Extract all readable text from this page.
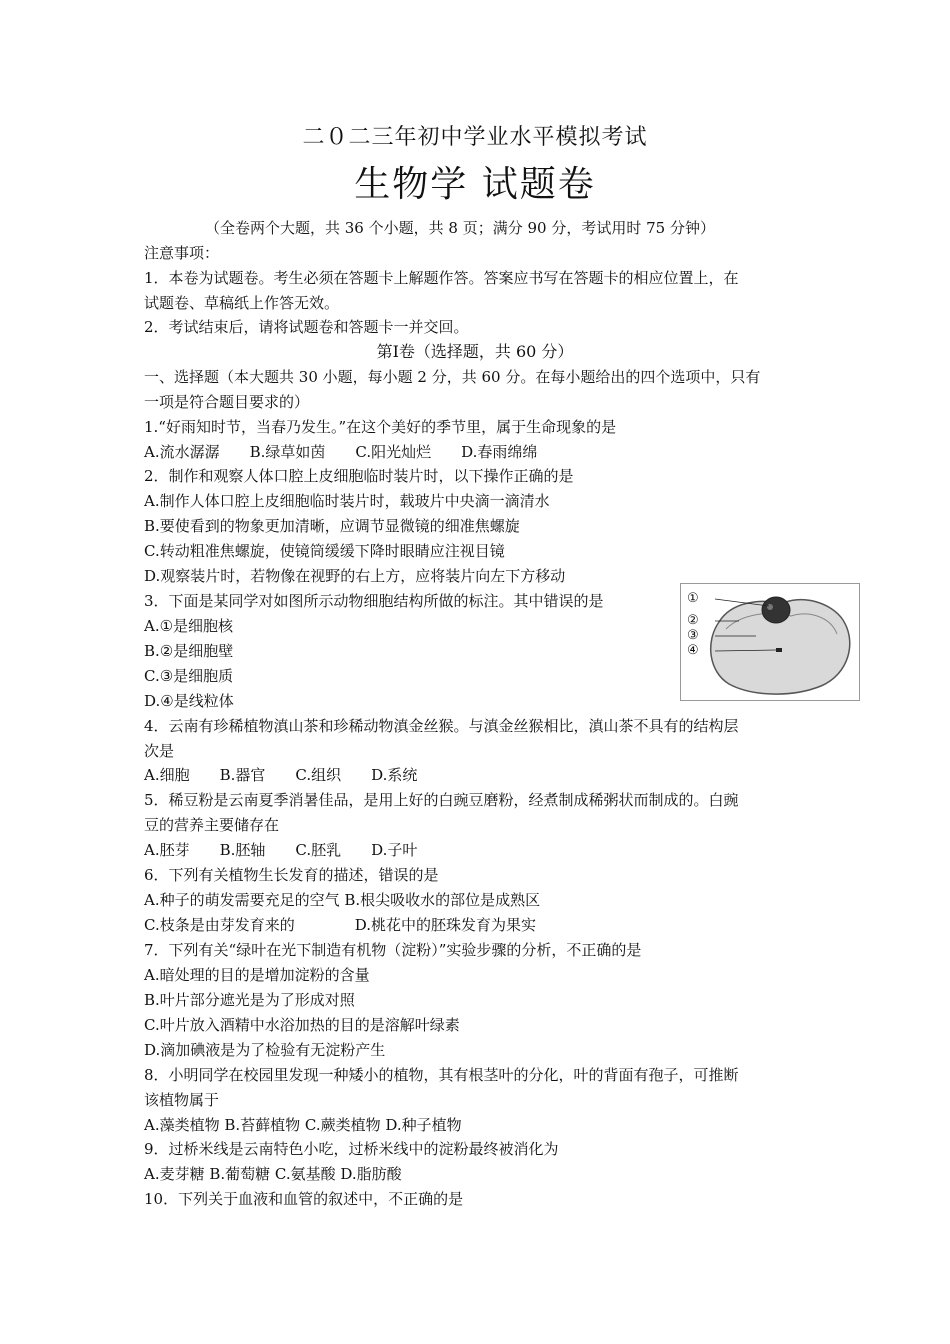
二０二三年初中学业水平模拟考试
生物学 试题卷
（全卷两个大题，共 36 个小题，共 8 页；满分 90 分，考试用时 75 分钟）
注意事项：
1．本卷为试题卷。考生必须在答题卡上解题作答。答案应书写在答题卡的相应位置上，在
试题卷、草稿纸上作答无效。
2．考试结束后，请将试题卷和答题卡一并交回。
第Ⅰ卷（选择题，共 60 分）
一、选择题（本大题共 30 小题，每小题 2 分，共 60 分。在每小题给出的四个选项中，只有
一项是符合题目要求的）
1.“好雨知时节，当春乃发生。”在这个美好的季节里，属于生命现象的是
A.流水潺潺　　B.绿草如茵　　C.阳光灿烂　　D.春雨绵绵
2．制作和观察人体口腔上皮细胞临时装片时，以下操作正确的是
A.制作人体口腔上皮细胞临时装片时，载玻片中央滴一滴清水
B.要使看到的物象更加清晰，应调节显微镜的细准焦螺旋
C.转动粗准焦螺旋，使镜筒缓缓下降时眼睛应注视目镜
D.观察装片时，若物像在视野的右上方，应将装片向左下方移动
3．下面是某同学对如图所示动物细胞结构所做的标注。其中错误的是
A.①是细胞核
B.②是细胞壁
C.③是细胞质
D.④是线粒体
①
②
③
④
4．云南有珍稀植物滇山茶和珍稀动物滇金丝猴。与滇金丝猴相比，滇山茶不具有的结构层
次是
A.细胞　　B.器官　　C.组织　　D.系统
5．稀豆粉是云南夏季消暑佳品，是用上好的白豌豆磨粉，经煮制成稀粥状而制成的。白豌
豆的营养主要储存在
A.胚芽　　B.胚轴　　C.胚乳　　D.子叶
6．下列有关植物生长发育的描述，错误的是
A.种子的萌发需要充足的空气 B.根尖吸收水的部位是成熟区
C.枝条是由芽发育来的　　　　D.桃花中的胚珠发育为果实
7．下列有关“绿叶在光下制造有机物（淀粉）”实验步骤的分析，不正确的是
A.暗处理的目的是增加淀粉的含量
B.叶片部分遮光是为了形成对照
C.叶片放入酒精中水浴加热的目的是溶解叶绿素
D.滴加碘液是为了检验有无淀粉产生
8．小明同学在校园里发现一种矮小的植物，其有根茎叶的分化，叶的背面有孢子，可推断
该植物属于
A.藻类植物 B.苔藓植物 C.蕨类植物 D.种子植物
9．过桥米线是云南特色小吃，过桥米线中的淀粉最终被消化为
A.麦芽糖 B.葡萄糖 C.氨基酸 D.脂肪酸
10．下列关于血液和血管的叙述中，不正确的是
